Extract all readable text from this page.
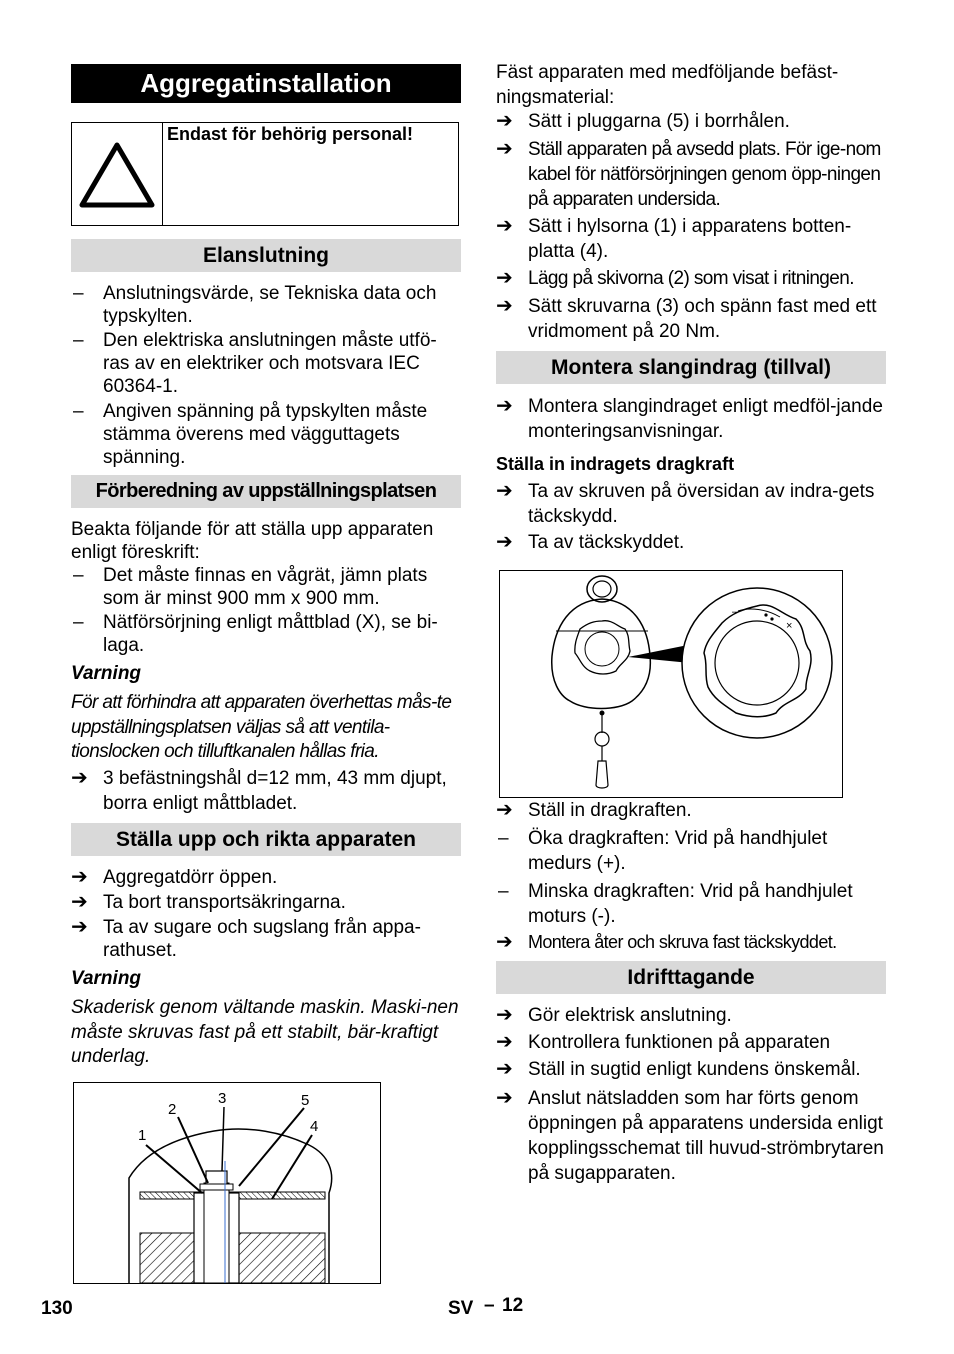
Aggregatinstallation
Endast för behörig personal!
Elanslutning
–	Anslutningsvärde, se Tekniska data och typskylten.
–	Den elektriska anslutningen måste utfö-ras av en elektriker och motsvara IEC 60364-1.
–	Angiven spänning på typskylten måste stämma överens med vägguttagets spänning.
Förberedning av uppställningsplatsen
Beakta följande för att ställa upp apparaten enligt föreskrift:
–	Det måste finnas en vågrät, jämn plats som är minst 900 mm x 900 mm.
–	Nätförsörjning enligt måttblad (X), se bi-laga.
Varning
För att förhindra att apparaten överhettas mås-te uppställningsplatsen väljas så att ventila-tionslocken och tilluftkanalen hållas fria.
➔ 3 befästningshål d=12 mm, 43 mm djupt, borra enligt måttbladet.
Ställa upp och rikta apparaten
➔ Aggregatdörr öppen.
➔ Ta bort transportsäkringarna.
➔ Ta av sugare och sugslang från appa-rathuset.
Varning
Skaderisk genom vältande maskin. Maski-nen måste skruvas fast på ett stabilt, bär-kraftigt underlag.
1
2
3	5
4
Fäst apparaten med medföljande befäst-ningsmaterial:
➔ Sätt i pluggarna (5) i borrhålen.
➔ Ställ apparaten på avsedd plats. För ige-nom kabel för nätförsörjningen genom öpp-ningen på apparaten undersida.
➔ Sätt i hylsorna (1) i apparatens botten-platta (4).
➔ Lägg på skivorna (2) som visat i ritningen.
➔ Sätt skruvarna (3) och spänn fast med ett vridmoment på 20 Nm.
Montera slangindrag (tillval)
➔ Montera slangindraget enligt medföl-jande monteringsanvisningar.
Ställa in indragets dragkraft
➔ Ta av skruven på översidan av indra-gets täckskydd.
➔ Ta av täckskyddet.
–
×
➔ Ställ in dragkraften.
–	Öka dragkraften: Vrid på handhjulet medurs (+).
–	Minska dragkraften: Vrid på handhjulet moturs (-).
➔ Montera åter och skruva fast täckskyddet.
Idrifttagande
➔ Gör elektrisk anslutning.
➔ Kontrollera funktionen på apparaten
➔ Ställ in sugtid enligt kundens önskemål.
➔ Anslut nätsladden som har förts genom öppningen på apparatens undersida enligt kopplingsschemat till huvud-strömbrytaren på sugapparaten.
130	SV – 12
